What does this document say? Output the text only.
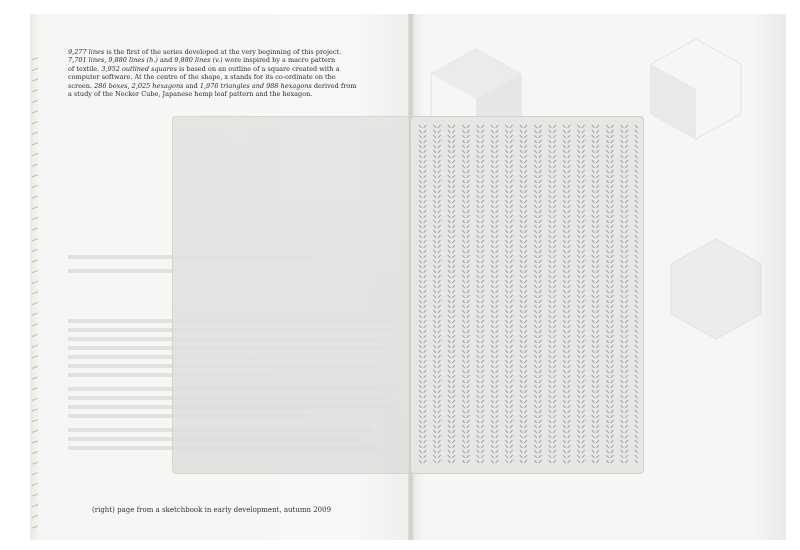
9,277 lines is the first of the series developed at the very beginning of this project.
7,701 lines, 9,880 lines (h.) and 9,880 lines (v.) were inspired by a macro pattern
of textile. 3,952 outlined squares is based on an outline of a square created with a
computer software. At the centre of the shape, x stands for its co-ordinate on the
screen. 286 boxes, 2,025 hexagons and 1,976 triangles and 988 hexagons derived from
a study of the Necker Cube, Japanese hemp leaf pattern and the hexagon.

(right) page from a sketchbook in early development, autumn 2009
